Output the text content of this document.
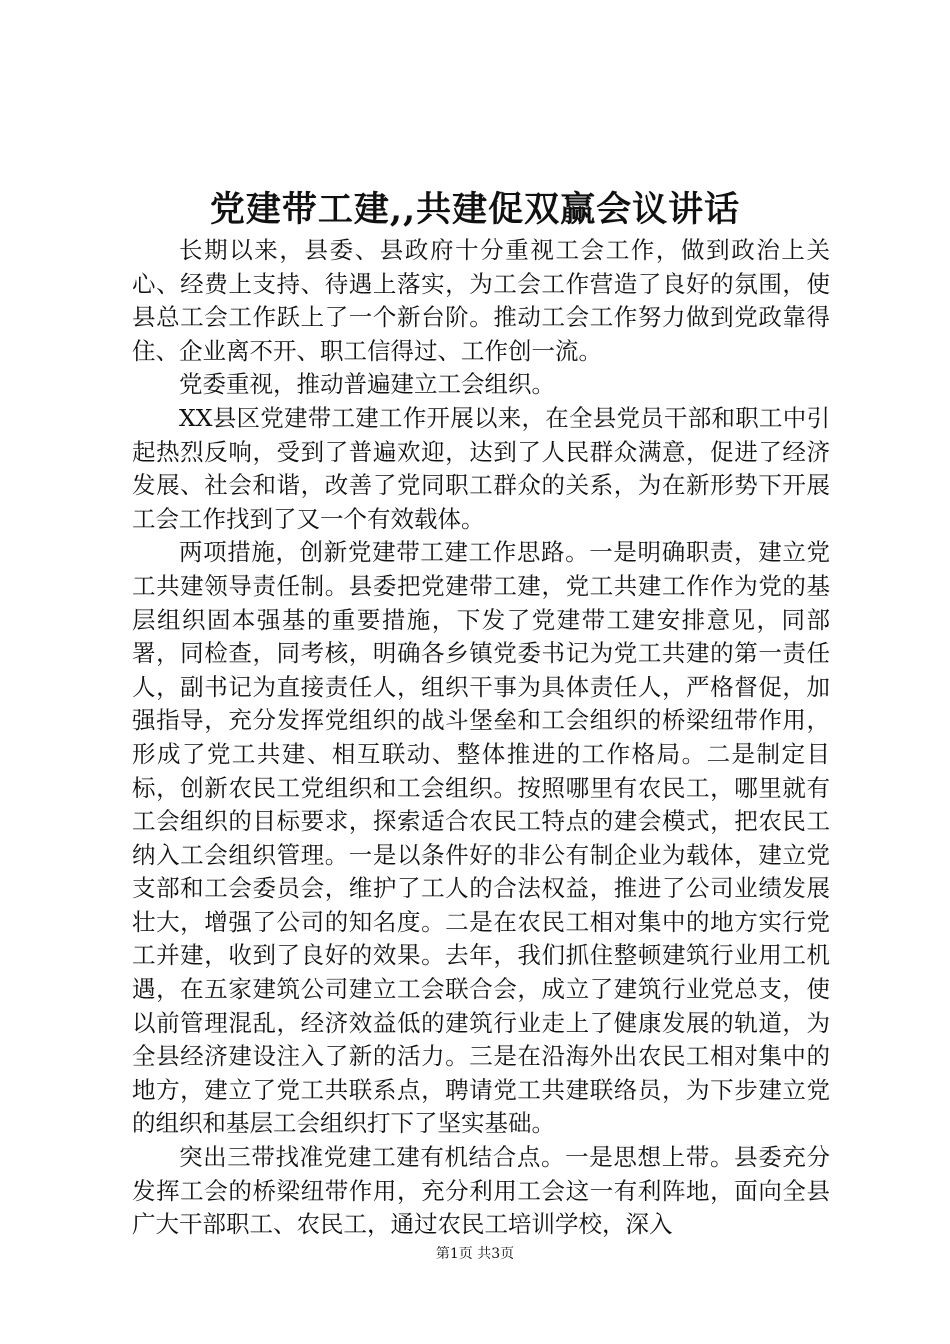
党建带工建,,共建促双赢会议讲话

长期以来，县委、县政府十分重视工会工作，做到政治上关心、经费上支持、待遇上落实，为工会工作营造了良好的氛围，使县总工会工作跃上了一个新台阶。推动工会工作努力做到党政靠得住、企业离不开、职工信得过、工作创一流。

党委重视，推动普遍建立工会组织。

XX县区党建带工建工作开展以来，在全县党员干部和职工中引起热烈反响，受到了普遍欢迎，达到了人民群众满意，促进了经济发展、社会和谐，改善了党同职工群众的关系，为在新形势下开展工会工作找到了又一个有效载体。

两项措施，创新党建带工建工作思路。一是明确职责，建立党工共建领导责任制。县委把党建带工建，党工共建工作作为党的基层组织固本强基的重要措施，下发了党建带工建安排意见，同部署，同检查，同考核，明确各乡镇党委书记为党工共建的第一责任人，副书记为直接责任人，组织干事为具体责任人，严格督促，加强指导，充分发挥党组织的战斗堡垒和工会组织的桥梁纽带作用，形成了党工共建、相互联动、整体推进的工作格局。二是制定目标，创新农民工党组织和工会组织。按照哪里有农民工，哪里就有工会组织的目标要求，探索适合农民工特点的建会模式，把农民工纳入工会组织管理。一是以条件好的非公有制企业为载体，建立党支部和工会委员会，维护了工人的合法权益，推进了公司业绩发展壮大，增强了公司的知名度。二是在农民工相对集中的地方实行党工并建，收到了良好的效果。去年，我们抓住整顿建筑行业用工机遇，在五家建筑公司建立工会联合会，成立了建筑行业党总支，使以前管理混乱，经济效益低的建筑行业走上了健康发展的轨道，为全县经济建设注入了新的活力。三是在沿海外出农民工相对集中的地方，建立了党工共联系点，聘请党工共建联络员，为下步建立党的组织和基层工会组织打下了坚实基础。

突出三带找准党建工建有机结合点。一是思想上带。县委充分发挥工会的桥梁纽带作用，充分利用工会这一有利阵地，面向全县广大干部职工、农民工，通过农民工培训学校，深入

第1页 共3页
